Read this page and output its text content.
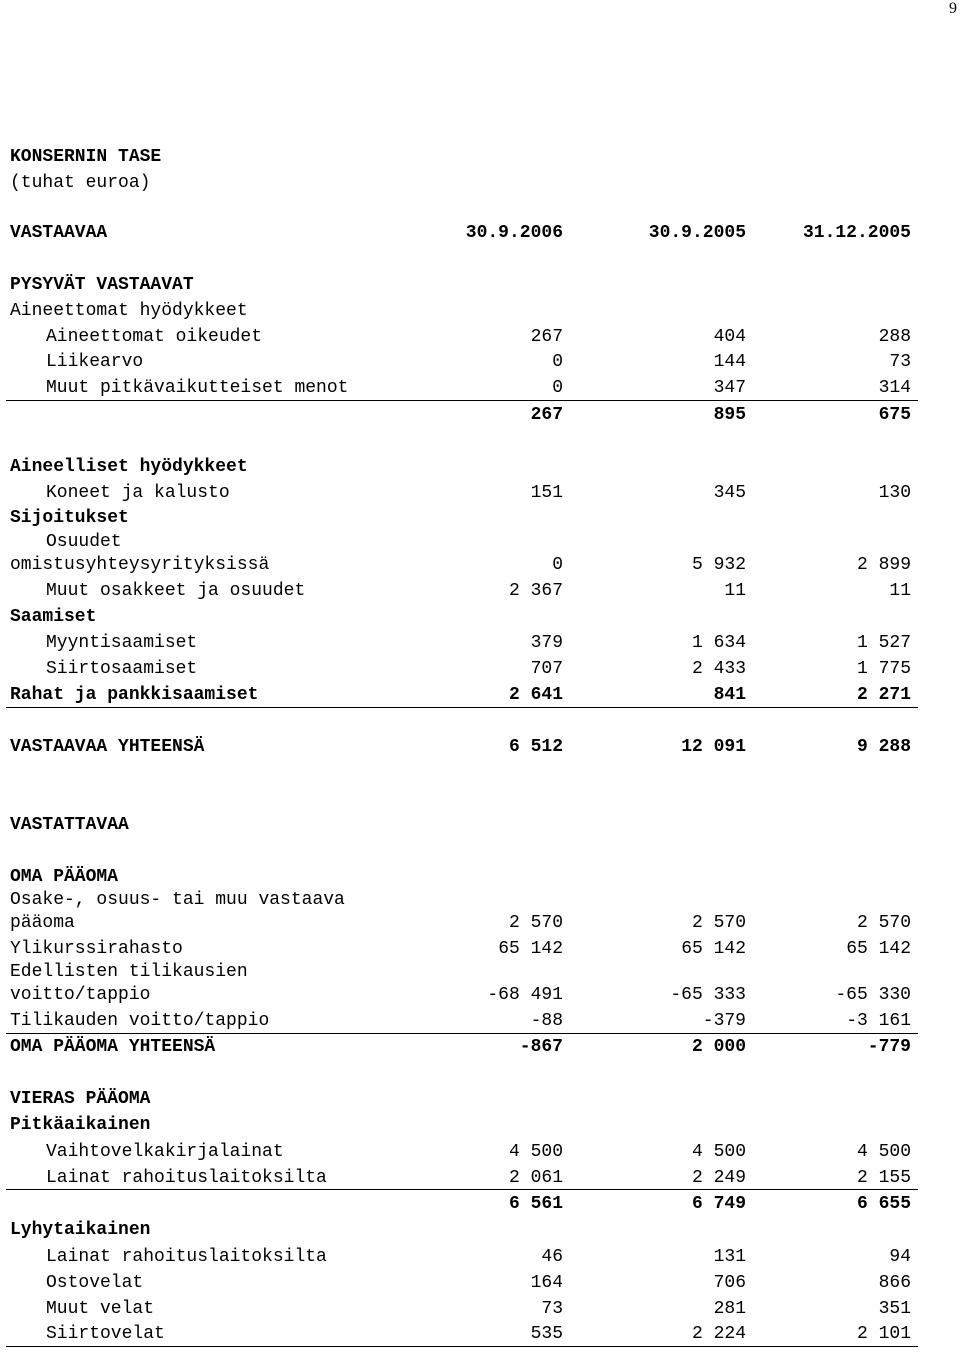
9
KONSERNIN TASE
(tuhat euroa)
VASTAAVAA	30.9.2006	30.9.2005	31.12.2005
PYSYVÄT VASTAAVAT
Aineettomat hyödykkeet
Aineettomat oikeudet	267	404	288
Liikearvo	0	144	73
Muut pitkävaikutteiset menot	0	347	314
267	895	675
Aineelliset hyödykkeet
Koneet ja kalusto	151	345	130
Sijoitukset
Osuudet
omistusyhteysyrityksissä	0	5 932	2 899
Muut osakkeet ja osuudet	2 367	11	11
Saamiset
Myyntisaamiset	379	1 634	1 527
Siirtosaamiset	707	2 433	1 775
Rahat ja pankkisaamiset	2 641	841	2 271
VASTAAVAA YHTEENSÄ	6 512	12 091	9 288
VASTATTAVAA
OMA PÄÄOMA
Osake-, osuus- tai muu vastaava
pääoma	2 570	2 570	2 570
Ylikurssirahasto	65 142	65 142	65 142
Edellisten tilikausien
voitto/tappio	-68 491	-65 333	-65 330
Tilikauden voitto/tappio	-88	-379	-3 161
OMA PÄÄOMA YHTEENSÄ	-867	2 000	-779
VIERAS PÄÄOMA
Pitkäaikainen
Vaihtovelkakirjalainat	4 500	4 500	4 500
Lainat rahoituslaitoksilta	2 061	2 249	2 155
6 561	6 749	6 655
Lyhytaikainen
Lainat rahoituslaitoksilta	46	131	94
Ostovelat	164	706	866
Muut velat	73	281	351
Siirtovelat	535	2 224	2 101
